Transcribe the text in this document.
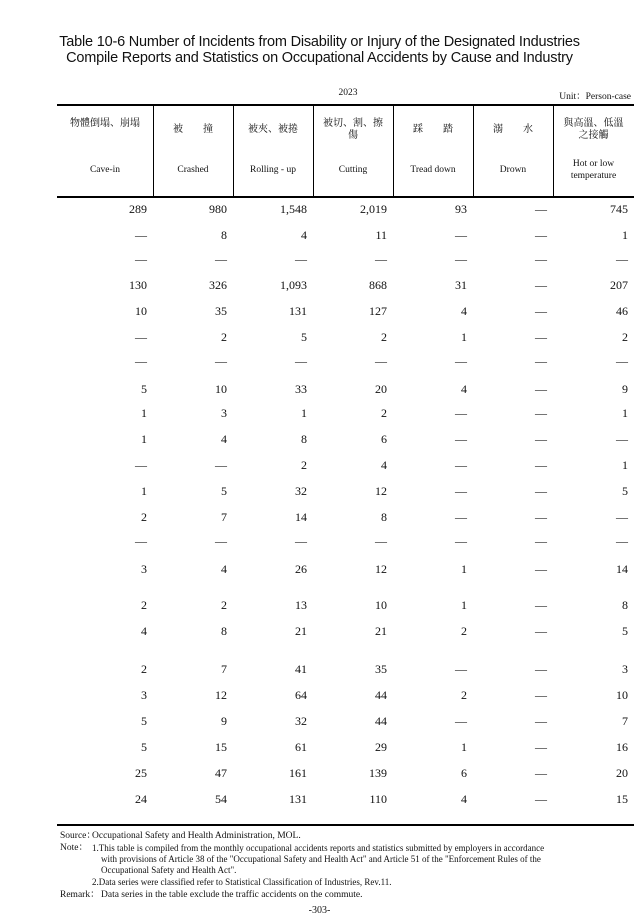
Table 10-6 Number of Incidents from Disability or Injury of the Designated Industries
Compile Reports and Statistics on Occupational Accidents by Cause and Industry
2023	Unit：Person-case
物體倒塌、崩塌
Cave-in
被　　撞
Crashed
被夾、被捲
Rolling - up
被切、割、擦傷
Cutting
踩　　踏
Tread down
溺　　水
Drown
與高溫、低溫之接觸
Hot or low temperature
289	980	1,548	2,019	93	—	745
—	8	4	11	—	—	1
—	—	—	—	—	—	—
130	326	1,093	868	31	—	207
10	35	131	127	4	—	46
—	2	5	2	1	—	2
—	—	—	—	—	—	—
5	10	33	20	4	—	9
1	3	1	2	—	—	1
1	4	8	6	—	—	—
—	—	2	4	—	—	1
1	5	32	12	—	—	5
2	7	14	8	—	—	—
—	—	—	—	—	—	—
3	4	26	12	1	—	14
2	2	13	10	1	—	8
4	8	21	21	2	—	5
2	7	41	35	—	—	3
3	12	64	44	2	—	10
5	9	32	44	—	—	7
5	15	61	29	1	—	16
25	47	161	139	6	—	20
24	54	131	110	4	—	15
Source：
Occupational Safety and Health Administration, MOL.
Note： 1.This table is compiled from the monthly occupational accidents reports and statistics submitted by employers in accordance
with provisions of Article 38 of the "Occupational Safety and Health Act" and Article 51 of the "Enforcement Rules of the
Occupational Safety and Health Act".
2.Data series were classified refer to Statistical Classification of Industries, Rev.11.
Remark： Data series in the table exclude the traffic accidents on the commute.
-303-
